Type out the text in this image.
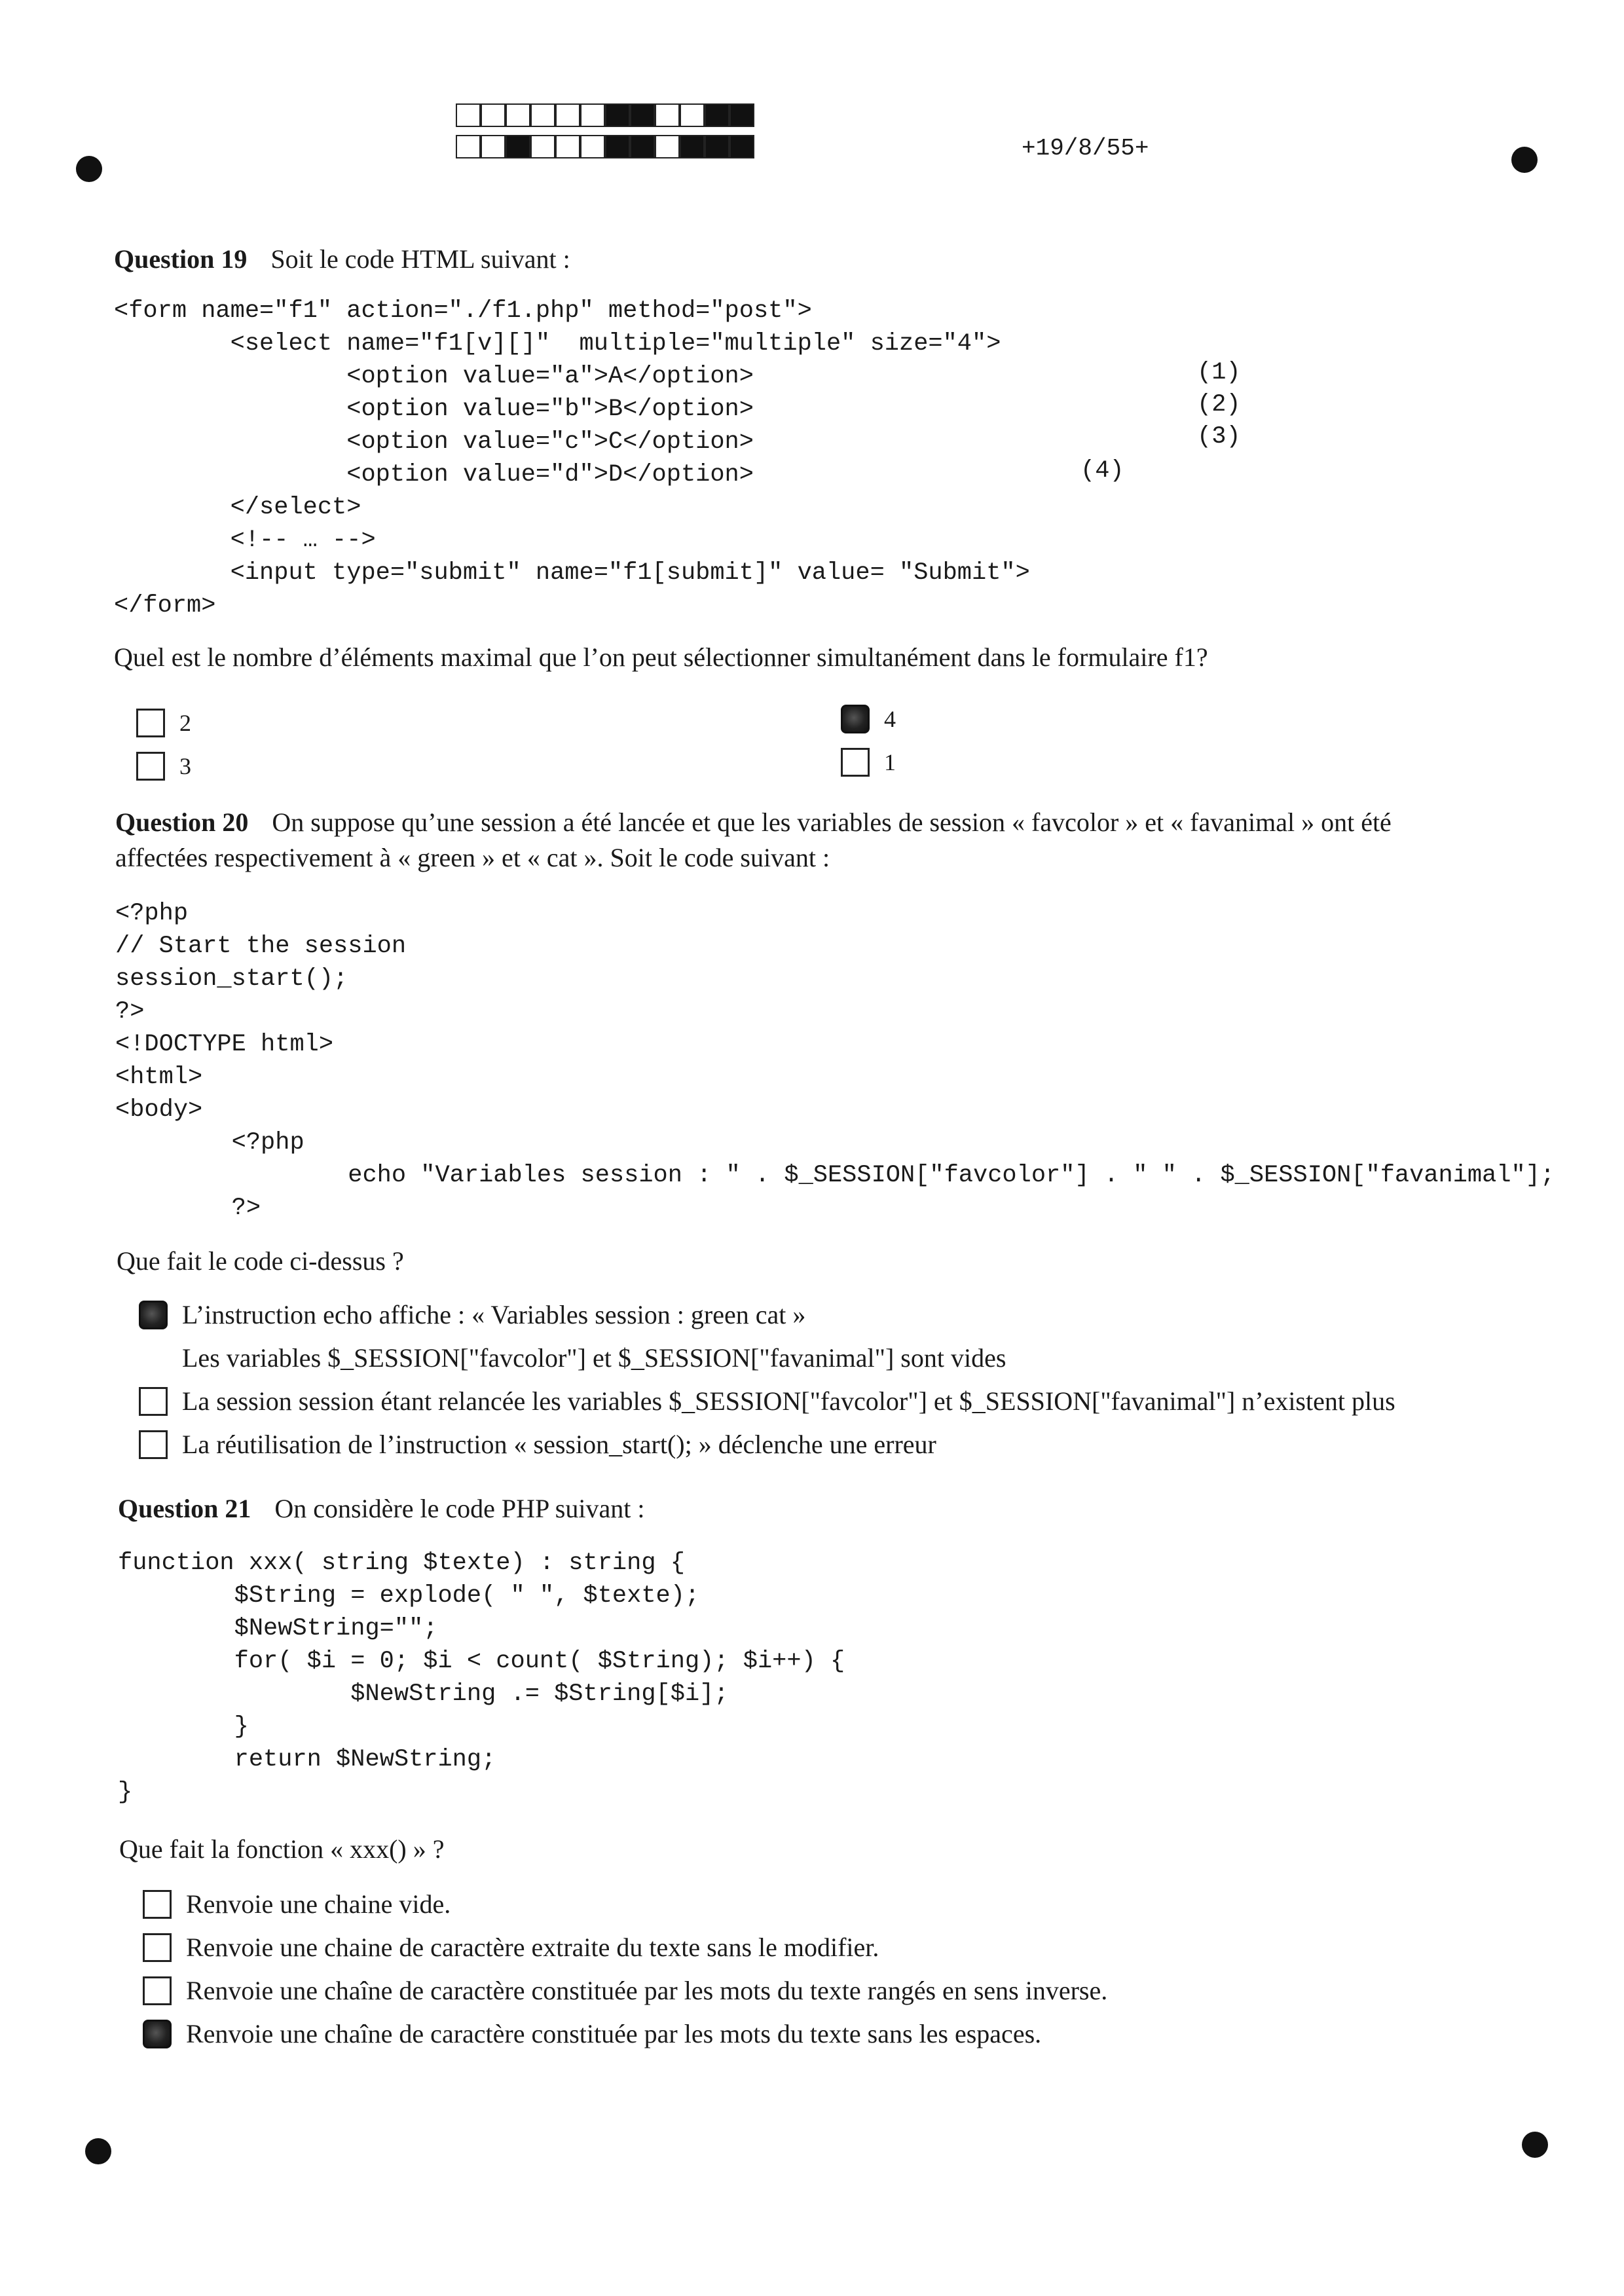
+19/8/55+
Question 19 Soit le code HTML suivant :
<form name="f1" action="./f1.php" method="post">
<select name="f1[v][]"  multiple="multiple" size="4">
<option value="a">A</option>
<option value="b">B</option>
<option value="c">C</option>
<option value="d">D</option>
</select>
<!-- … -->
<input type="submit" name="f1[submit]" value= "Submit">
</form>
(1)
(2)
(3)
(4)
Quel est le nombre d’éléments maximal que l’on peut sélectionner simultanément dans le formulaire f1?
2
3
4
1
Question 20 On suppose qu’une session a été lancée et que les variables de session « favcolor » et « favanimal » ont été
affectées respectivement à « green » et « cat ». Soit le code suivant :
<?php
// Start the session
session_start();
?>
<!DOCTYPE html>
<html>
<body>
<?php
echo "Variables session : " . $_SESSION["favcolor"] . " " . $_SESSION["favanimal"];
?>
Que fait le code ci-dessus ?
L’instruction echo affiche : « Variables session : green cat »
Les variables $_SESSION["favcolor"] et $_SESSION["favanimal"] sont vides
La session session étant relancée les variables $_SESSION["favcolor"] et $_SESSION["favanimal"] n’existent plus
La réutilisation de l’instruction « session_start(); » déclenche une erreur
Question 21 On considère le code PHP suivant :
function xxx( string $texte) : string {
$String = explode( " ", $texte);
$NewString="";
for( $i = 0; $i < count( $String); $i++) {
$NewString .= $String[$i];
}
return $NewString;
}
Que fait la fonction « xxx() » ?
Renvoie une chaine vide.
Renvoie une chaine de caractère extraite du texte sans le modifier.
Renvoie une chaîne de caractère constituée par les mots du texte rangés en sens inverse.
Renvoie une chaîne de caractère constituée par les mots du texte sans les espaces.
